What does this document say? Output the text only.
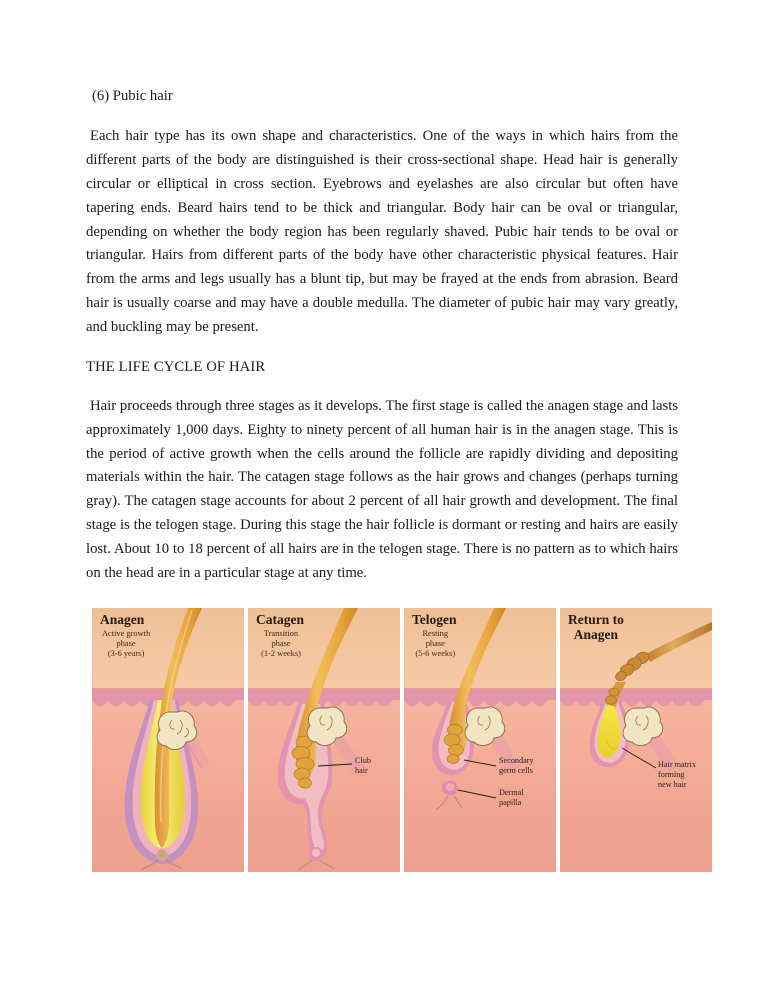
(6) Pubic hair

Each hair type has its own shape and characteristics. One of the ways in which hairs from the different parts of the body are distinguished is their cross-sectional shape. Head hair is generally circular or elliptical in cross section. Eyebrows and eyelashes are also circular but often have tapering ends. Beard hairs tend to be thick and triangular. Body hair can be oval or triangular, depending on whether the body region has been regularly shaved. Pubic hair tends to be oval or triangular. Hairs from different parts of the body have other characteristic physical features. Hair from the arms and legs usually has a blunt tip, but may be frayed at the ends from abrasion. Beard hair is usually coarse and may have a double medulla. The diameter of pubic hair may vary greatly, and buckling may be present.

THE LIFE CYCLE OF HAIR

Hair proceeds through three stages as it develops. The first stage is called the anagen stage and lasts approximately 1,000 days. Eighty to ninety percent of all human hair is in the anagen stage. This is the period of active growth when the cells around the follicle are rapidly dividing and depositing materials within the hair. The catagen stage follows as the hair grows and changes (perhaps turning gray). The catagen stage accounts for about 2 percent of all hair growth and development. The final stage is the telogen stage. During this stage the hair follicle is dormant or resting and hairs are easily lost. About 10 to 18 percent of all hairs are in the telogen stage. There is no pattern as to which hairs on the head are in a particular stage at any time.

Anagen
Active growth
phase
(3-6 years)
Catagen
Transition
phase
(1-2 weeks)
Club
hair
Telogen
Resting
phase
(5-6 weeks)
Secondary
germ cells
Dermal
papilla
Return to
Anagen
Hair matrix
forming
new hair
